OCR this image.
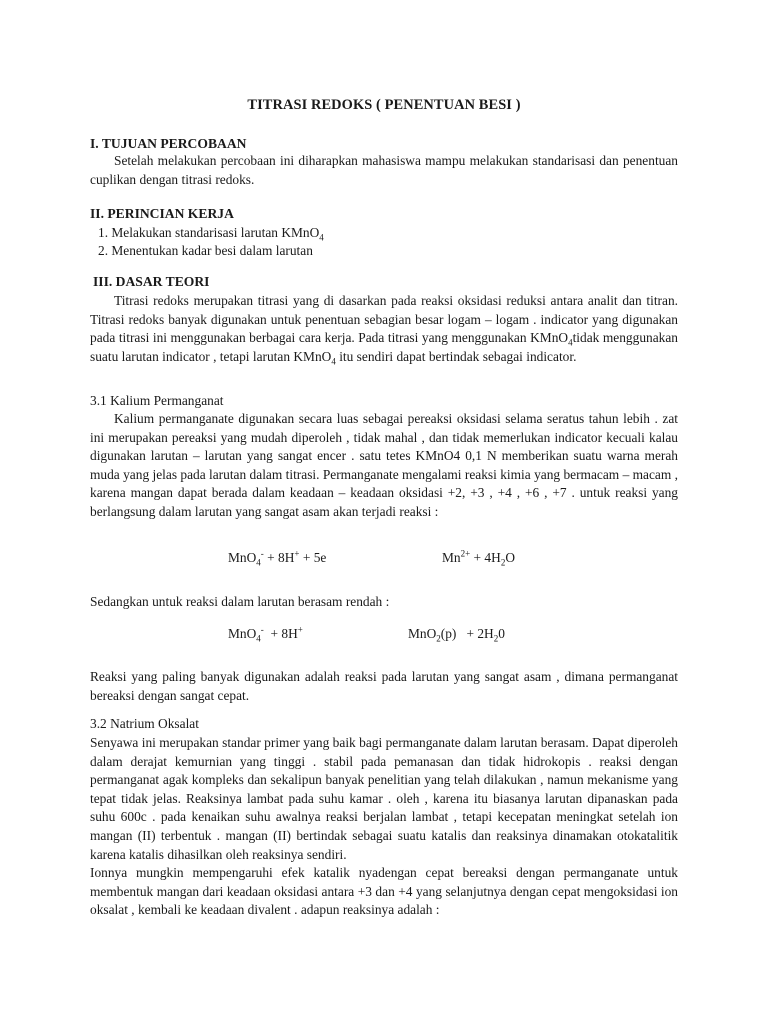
TITRASI REDOKS ( PENENTUAN BESI )
I. TUJUAN PERCOBAAN

Setelah melakukan percobaan ini diharapkan mahasiswa mampu melakukan standarisasi dan penentuan cuplikan dengan titrasi redoks.

II. PERINCIAN KERJA
1. Melakukan standarisasi larutan KMnO$_4$
2. Menentukan kadar besi dalam larutan
III. DASAR TEORI

Titrasi redoks merupakan titrasi yang di dasarkan pada reaksi oksidasi reduksi antara analit dan titran. Titrasi redoks banyak digunakan untuk penentuan sebagian besar logam – logam . indicator yang digunakan pada titrasi ini menggunakan berbagai cara kerja. Pada titrasi yang menggunakan KMnO$_4$tidak menggunakan suatu larutan indicator , tetapi larutan KMnO$_4$ itu sendiri dapat bertindak sebagai indicator.

3.1 Kalium Permanganat

Kalium permanganate digunakan secara luas sebagai pereaksi oksidasi selama seratus tahun lebih . zat ini merupakan pereaksi yang mudah diperoleh , tidak mahal , dan tidak memerlukan indicator kecuali kalau digunakan larutan – larutan yang sangat encer . satu tetes KMnO4 0,1 N memberikan suatu warna merah muda yang jelas pada larutan dalam titrasi. Permanganate mengalami reaksi kimia yang bermacam – macam , karena mangan dapat berada dalam keadaan – keadaan oksidasi +2, +3 , +4 , +6 , +7 . untuk reaksi yang berlangsung dalam larutan yang sangat asam akan terjadi reaksi :

MnO$_4$- + 8H+ + 5e	$Mn^{2+} + 4H_2O$
Sedangkan untuk reaksi dalam larutan berasam rendah :
MnO$_4$-  + 8H+	$MnO_2(p) + 2H_20$

Reaksi yang paling banyak digunakan adalah reaksi pada larutan yang sangat asam , dimana permanganat bereaksi dengan sangat cepat.

3.2 Natrium Oksalat

Senyawa ini merupakan standar primer yang baik bagi permanganate dalam larutan berasam. Dapat diperoleh dalam derajat kemurnian yang tinggi . stabil pada pemanasan dan tidak hidrokopis . reaksi dengan permanganat agak kompleks dan sekalipun banyak penelitian yang telah dilakukan , namun mekanisme yang tepat tidak jelas. Reaksinya lambat pada suhu kamar . oleh , karena itu biasanya larutan dipanaskan pada suhu 600c . pada kenaikan suhu awalnya reaksi berjalan lambat , tetapi kecepatan meningkat setelah ion mangan (II) terbentuk . mangan (II) bertindak sebagai suatu katalis dan reaksinya dinamakan otokatalitik karena katalis dihasilkan oleh reaksinya sendiri.

Ionnya mungkin mempengaruhi efek katalik nyadengan cepat bereaksi dengan permanganate untuk membentuk mangan dari keadaan oksidasi antara +3 dan +4 yang selanjutnya dengan cepat mengoksidasi ion oksalat , kembali ke keadaan divalent . adapun reaksinya adalah :
